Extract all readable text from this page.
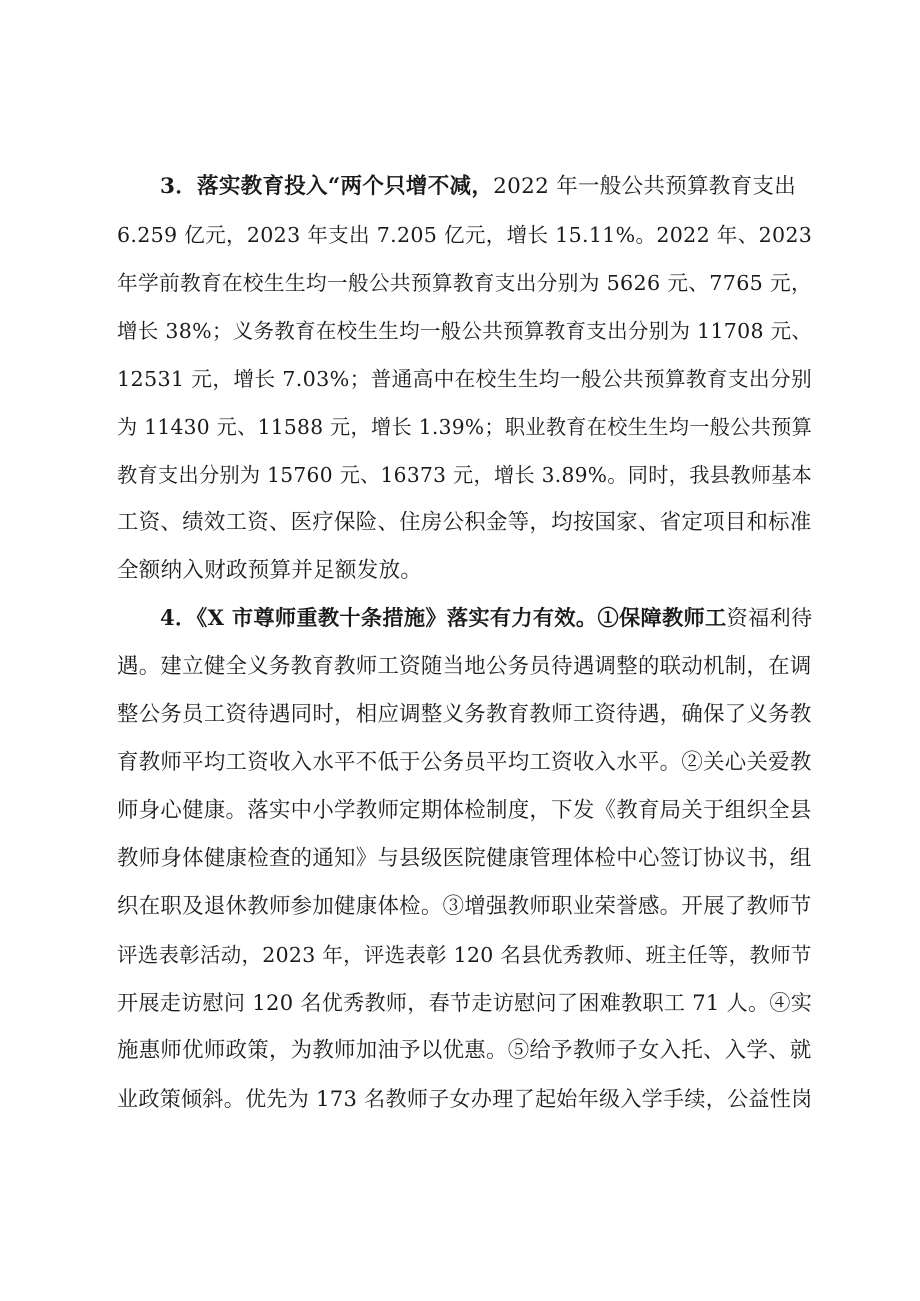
3．落实教育投入“两个只增不减，2022 年一般公共预算教育支出
6.259 亿元，2023 年支出 7.205 亿元，增长 15.11%。2022 年、2023
年学前教育在校生生均一般公共预算教育支出分别为 5626 元、7765 元，
增长 38%；义务教育在校生生均一般公共预算教育支出分别为 11708 元、
12531 元，增长 7.03%；普通高中在校生生均一般公共预算教育支出分别
为 11430 元、11588 元，增长 1.39%；职业教育在校生生均一般公共预算
教育支出分别为 15760 元、16373 元，增长 3.89%。同时，我县教师基本
工资、绩效工资、医疗保险、住房公积金等，均按国家、省定项目和标准
全额纳入财政预算并足额发放。
4．《X 市尊师重教十条措施》落实有力有效。①保障教师工资福利待
遇。建立健全义务教育教师工资随当地公务员待遇调整的联动机制，在调
整公务员工资待遇同时，相应调整义务教育教师工资待遇，确保了义务教
育教师平均工资收入水平不低于公务员平均工资收入水平。②关心关爱教
师身心健康。落实中小学教师定期体检制度，下发《教育局关于组织全县
教师身体健康检查的通知》与县级医院健康管理体检中心签订协议书，组
织在职及退休教师参加健康体检。③增强教师职业荣誉感。开展了教师节
评选表彰活动，2023 年，评选表彰 120 名县优秀教师、班主任等，教师节
开展走访慰问 120 名优秀教师，春节走访慰问了困难教职工 71 人。④实
施惠师优师政策，为教师加油予以优惠。⑤给予教师子女入托、入学、就
业政策倾斜。优先为 173 名教师子女办理了起始年级入学手续，公益性岗
